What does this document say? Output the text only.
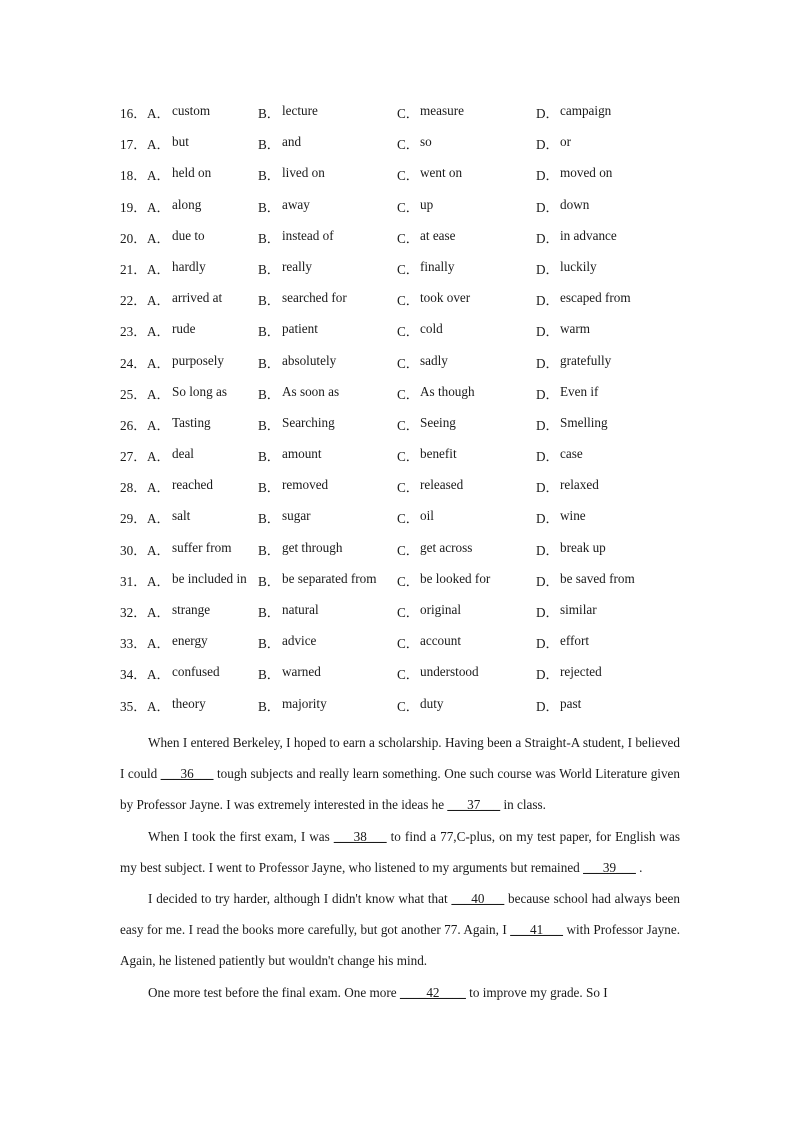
16． A． custom	B． lecture	C． measure	D． campaign
17． A． but	B． and	C． so	D． or
18． A． held on	B． lived on	C． went on	D． moved on
19． A． along	B． away	C． up	D． down
20． A． due to	B． instead of	C． at ease	D． in advance
21． A． hardly	B． really	C． finally	D． luckily
22． A． arrived at	B． searched for	C． took over	D． escaped from
23． A． rude	B． patient	C． cold	D． warm
24． A． purposely	B． absolutely	C． sadly	D． gratefully
25． A． So long as B． As soon as	C． As though	D． Even if
26． A． Tasting	B． Searching	C． Seeing	D． Smelling
27． A． deal	B． amount	C． benefit	D． case
28． A． reached	B． removed	C． released	D． relaxed
29． A． salt	B． sugar	C． oil	D． wine
30． A． suffer from B． get through	C． get across	D． break up
31． A． be included in B． be separated from C． be looked for	D． be saved from
32． A． strange	B． natural	C． original	D． similar
33． A． energy	B． advice	C． account	D． effort
34． A． confused	B． warned	C． understood	D． rejected
35． A． theory	B． majority	C． duty	D． past

When I entered Berkeley, I hoped to earn a scholarship. Having been a Straight-A student, I believed I could ___36___ tough subjects and really learn something. One such course was World Literature given by Professor Jayne. I was extremely interested in the ideas he ___37___ in class.

When I took the first exam, I was ___38___ to find a 77,C-plus, on my test paper, for English was my best subject. I went to Professor Jayne, who listened to my arguments but remained ___39___ .

I decided to try harder, although I didn't know what that ___40___ because school had always been easy for me. I read the books more carefully, but got another 77. Again, I ___41___ with Professor Jayne. Again, he listened patiently but wouldn't change his mind.

One more test before the final exam. One more ____42____ to improve my grade. So I
